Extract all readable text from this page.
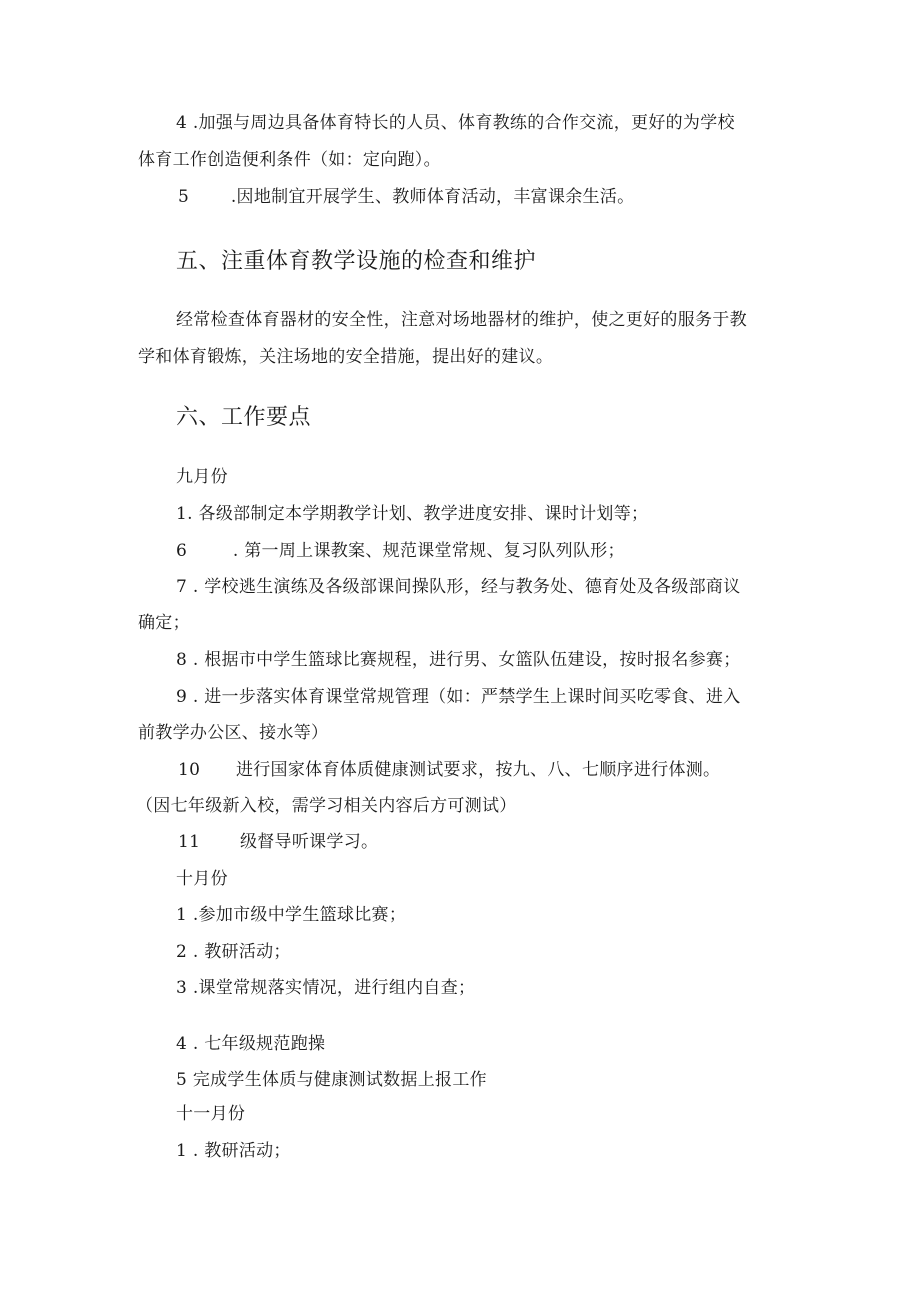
4 .加强与周边具备体育特长的人员、体育教练的合作交流，更好的为学校
体育工作创造便利条件（如：定向跑）。
5 .因地制宜开展学生、教师体育活动，丰富课余生活。
五、注重体育教学设施的检查和维护
经常检查体育器材的安全性，注意对场地器材的维护，使之更好的服务于教
学和体育锻炼，关注场地的安全措施，提出好的建议。
六、工作要点
九月份
1. 各级部制定本学期教学计划、教学进度安排、课时计划等；
6	. 第一周上课教案、规范课堂常规、复习队列队形；
7 . 学校逃生演练及各级部课间操队形，经与教务处、德育处及各级部商议
确定；
8 . 根据市中学生篮球比赛规程，进行男、女篮队伍建设，按时报名参赛；
9 . 进一步落实体育课堂常规管理（如：严禁学生上课时间买吃零食、进入
前教学办公区、接水等）
10 进行国家体育体质健康测试要求，按九、八、七顺序进行体测。
（因七年级新入校，需学习相关内容后方可测试）
11 级督导听课学习。
十月份
1 .参加市级中学生篮球比赛；
2 . 教研活动；
3 .课堂常规落实情况，进行组内自查；
4 . 七年级规范跑操
5 完成学生体质与健康测试数据上报工作
十一月份
1 . 教研活动；
